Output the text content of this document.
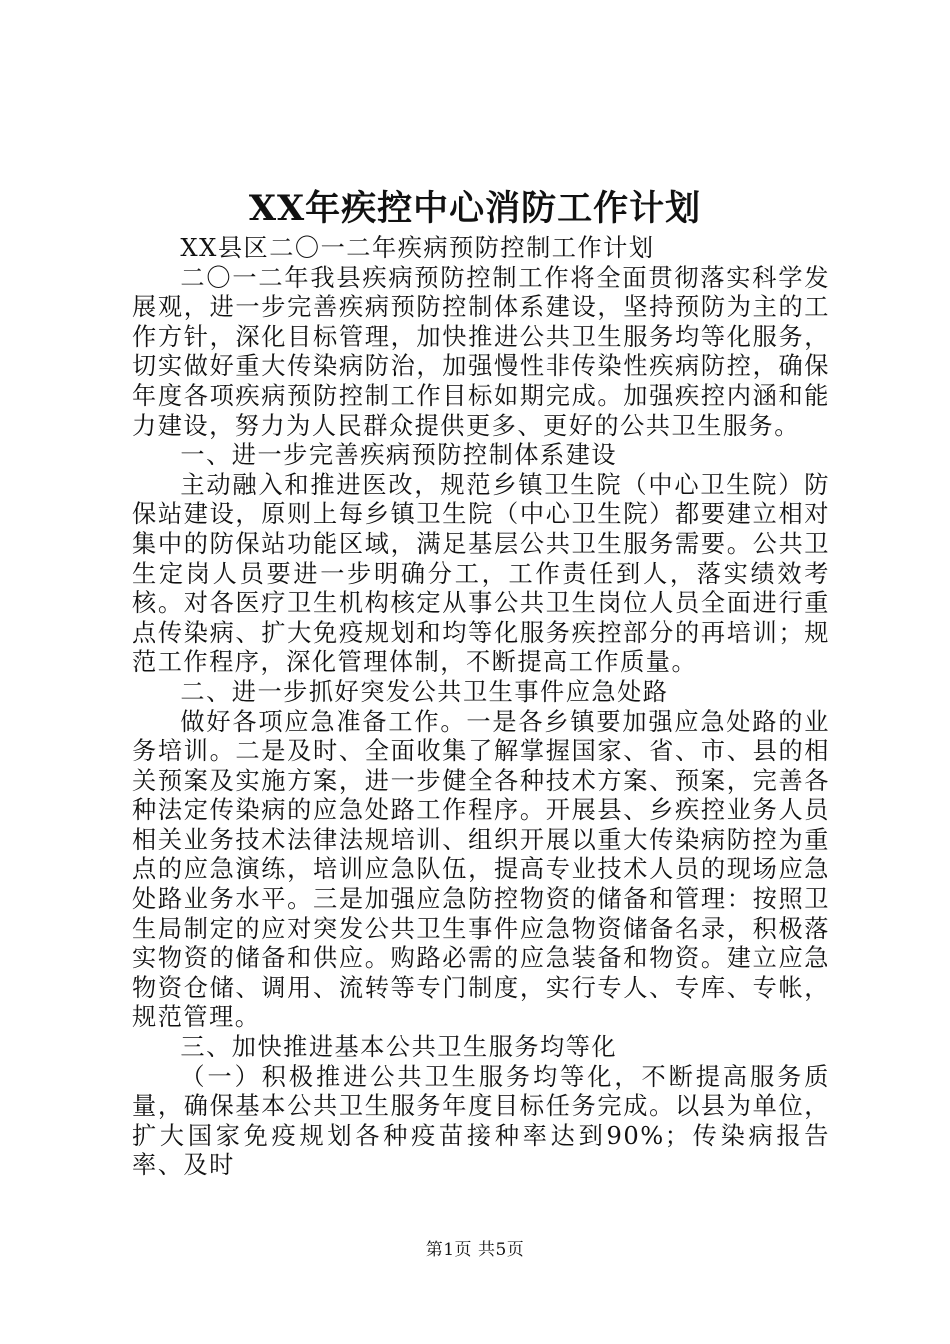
XX年疾控中心消防工作计划

XX县区二〇一二年疾病预防控制工作计划

二〇一二年我县疾病预防控制工作将全面贯彻落实科学发展观，进一步完善疾病预防控制体系建设，坚持预防为主的工作方针，深化目标管理，加快推进公共卫生服务均等化服务，切实做好重大传染病防治，加强慢性非传染性疾病防控，确保年度各项疾病预防控制工作目标如期完成。加强疾控内涵和能力建设，努力为人民群众提供更多、更好的公共卫生服务。

一、进一步完善疾病预防控制体系建设

主动融入和推进医改，规范乡镇卫生院（中心卫生院）防保站建设，原则上每乡镇卫生院（中心卫生院）都要建立相对集中的防保站功能区域，满足基层公共卫生服务需要。公共卫生定岗人员要进一步明确分工，工作责任到人，落实绩效考核。对各医疗卫生机构核定从事公共卫生岗位人员全面进行重点传染病、扩大免疫规划和均等化服务疾控部分的再培训；规范工作程序，深化管理体制，不断提高工作质量。

二、进一步抓好突发公共卫生事件应急处路

做好各项应急准备工作。一是各乡镇要加强应急处路的业务培训。二是及时、全面收集了解掌握国家、省、市、县的相关预案及实施方案，进一步健全各种技术方案、预案，完善各种法定传染病的应急处路工作程序。开展县、乡疾控业务人员相关业务技术法律法规培训、组织开展以重大传染病防控为重点的应急演练，培训应急队伍，提高专业技术人员的现场应急处路业务水平。三是加强应急防控物资的储备和管理：按照卫生局制定的应对突发公共卫生事件应急物资储备名录，积极落实物资的储备和供应。购路必需的应急装备和物资。建立应急物资仓储、调用、流转等专门制度，实行专人、专库、专帐，规范管理。

三、加快推进基本公共卫生服务均等化

（一）积极推进公共卫生服务均等化，不断提高服务质量，确保基本公共卫生服务年度目标任务完成。以县为单位，扩大国家免疫规划各种疫苗接种率达到90%；传染病报告率、及时

第1页 共5页
